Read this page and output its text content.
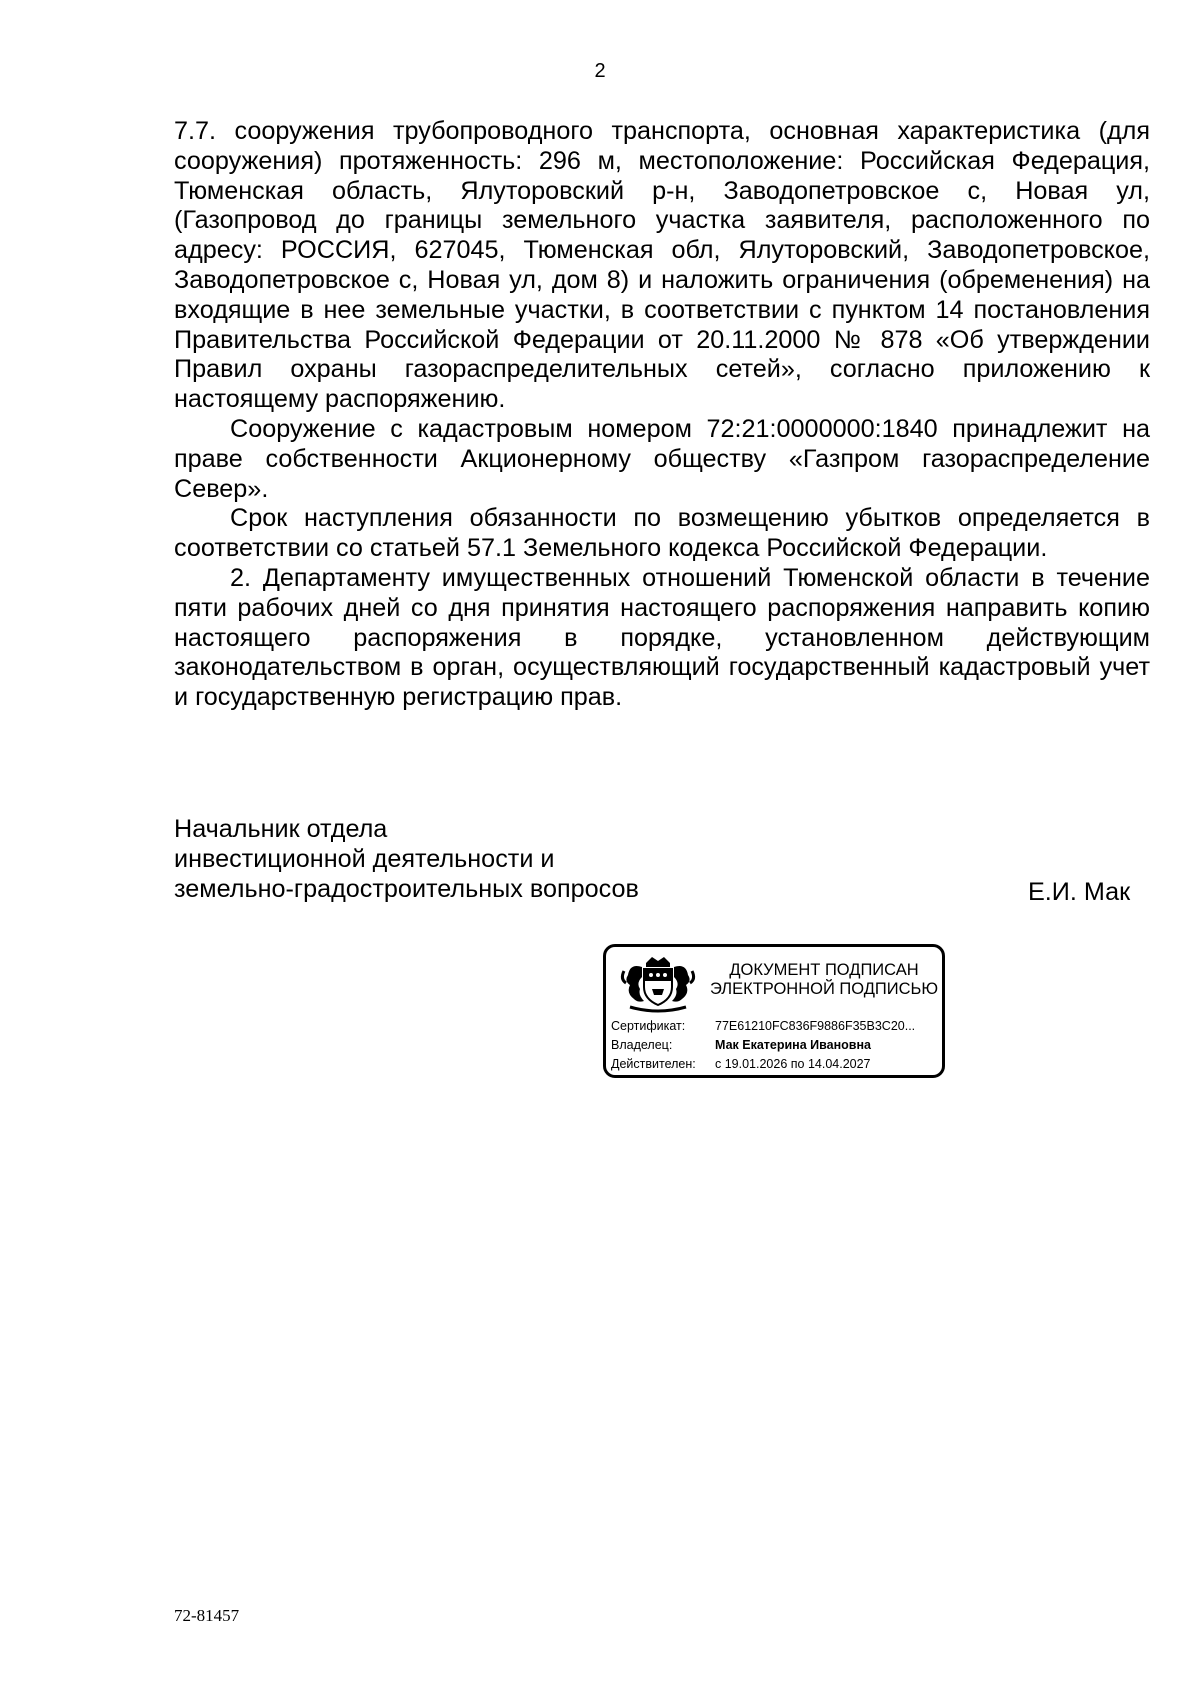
2

7.7. сооружения трубопроводного транспорта, основная характеристика (для сооружения) протяженность: 296 м, местоположение: Российская Федерация, Тюменская область, Ялуторовский р-н, Заводопетровское с, Новая ул, (Газопровод до границы земельного участка заявителя, расположенного по адресу: РОССИЯ, 627045, Тюменская обл, Ялуторовский, Заводопетровское, Заводопетровское с, Новая ул, дом 8) и наложить ограничения (обременения) на входящие в нее земельные участки, в соответствии с пунктом 14 постановления Правительства Российской Федерации от 20.11.2000 № 878 «Об утверждении Правил охраны газораспределительных сетей», согласно приложению к настоящему распоряжению.

Сооружение с кадастровым номером 72:21:0000000:1840 принадлежит на праве собственности Акционерному обществу «Газпром газораспределение Север».

Срок наступления обязанности по возмещению убытков определяется в соответствии со статьей 57.1 Земельного кодекса Российской Федерации.

2. Департаменту имущественных отношений Тюменской области в течение пяти рабочих дней со дня принятия настоящего распоряжения направить копию настоящего распоряжения в порядке, установленном действующим законодательством в орган, осуществляющий государственный кадастровый учет и государственную регистрацию прав.

Начальник отдела
инвестиционной деятельности и
земельно-градостроительных вопросов	Е.И. Мак
ДОКУМЕНТ ПОДПИСАН
ЭЛЕКТРОННОЙ ПОДПИСЬЮ
Сертификат:	77E61210FC836F9886F35B3C20...
Владелец:	Мак Екатерина Ивановна
Действителен:	с 19.01.2026 по 14.04.2027
72-81457
